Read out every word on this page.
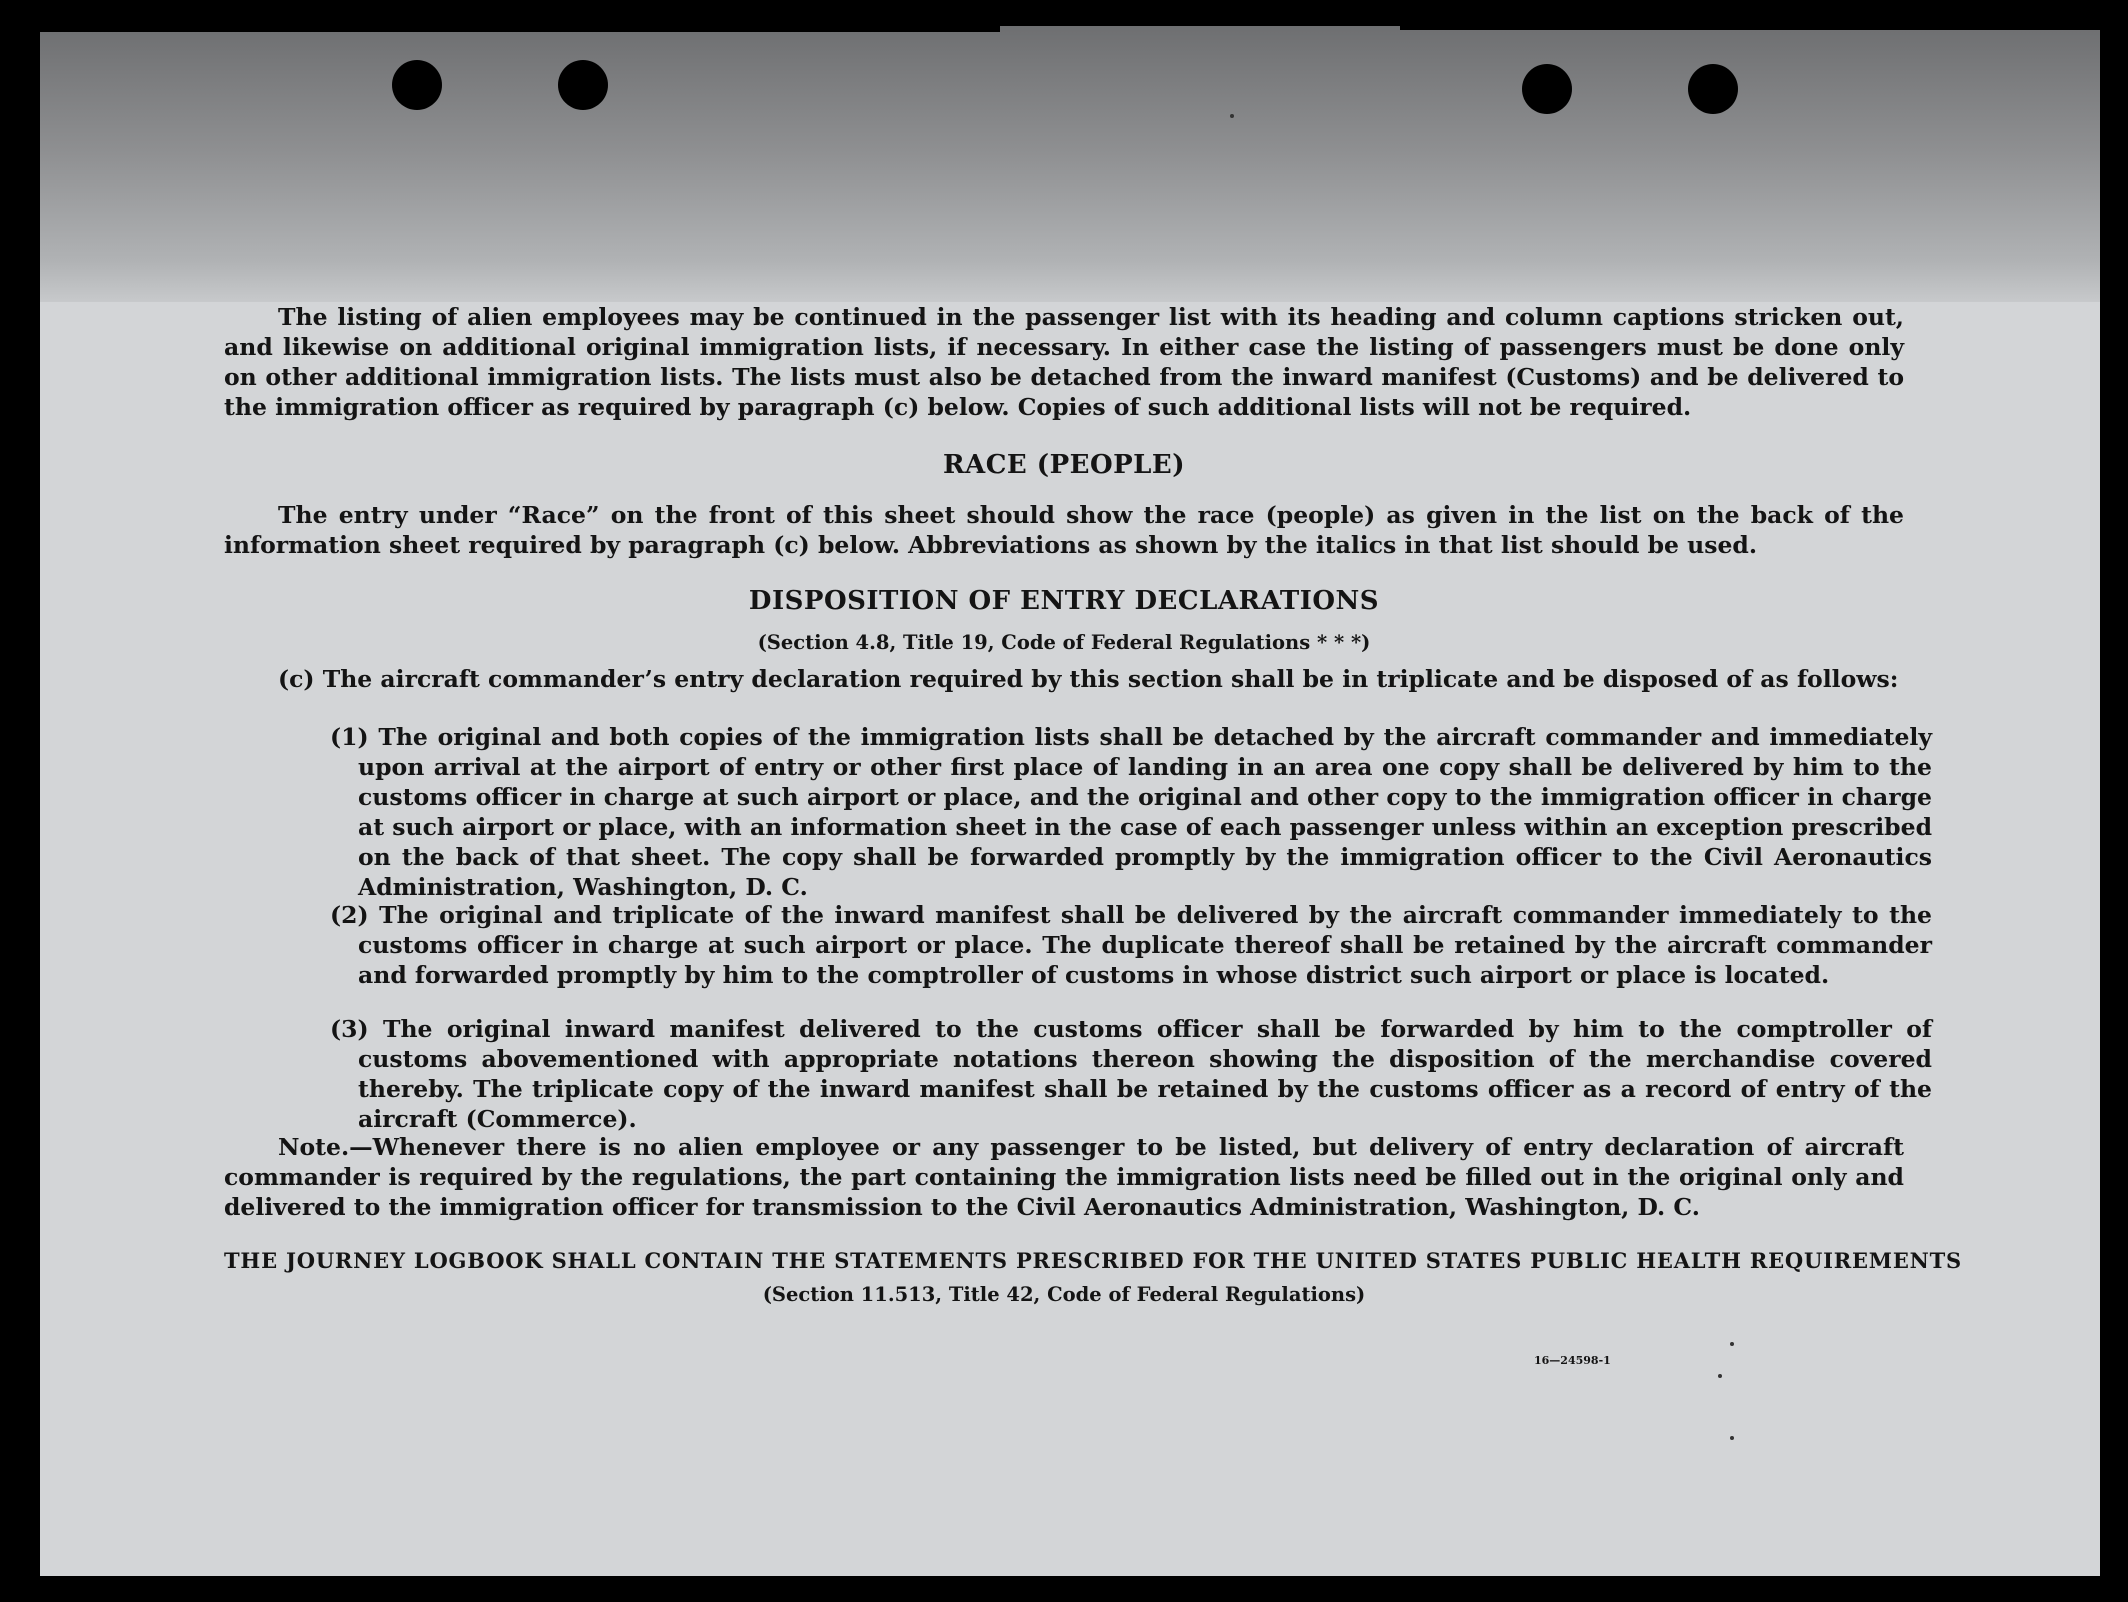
The listing of alien employees may be continued in the passenger list with its heading and column captions stricken out, and likewise on additional original immigration lists, if necessary. In either case the listing of passengers must be done only on other additional immigration lists. The lists must also be detached from the inward manifest (Customs) and be delivered to the immigration officer as required by paragraph (c) below. Copies of such additional lists will not be required.
RACE (PEOPLE)
The entry under “Race” on the front of this sheet should show the race (people) as given in the list on the back of the information sheet required by paragraph (c) below. Abbreviations as shown by the italics in that list should be used.
DISPOSITION OF ENTRY DECLARATIONS
(Section 4.8, Title 19, Code of Federal Regulations * * *)
(c) The aircraft commander’s entry declaration required by this section shall be in triplicate and be disposed of as follows:
(1) The original and both copies of the immigration lists shall be detached by the aircraft commander and immediately upon arrival at the airport of entry or other first place of landing in an area one copy shall be delivered by him to the customs officer in charge at such airport or place, and the original and other copy to the immigration officer in charge at such airport or place, with an information sheet in the case of each passenger unless within an exception prescribed on the back of that sheet. The copy shall be forwarded promptly by the immigration officer to the Civil Aeronautics Administration, Washington, D. C.
(2) The original and triplicate of the inward manifest shall be delivered by the aircraft commander immediately to the customs officer in charge at such airport or place. The duplicate thereof shall be retained by the aircraft commander and forwarded promptly by him to the comptroller of customs in whose district such airport or place is located.
(3) The original inward manifest delivered to the customs officer shall be forwarded by him to the comptroller of customs abovementioned with appropriate notations thereon showing the disposition of the merchandise covered thereby. The triplicate copy of the inward manifest shall be retained by the customs officer as a record of entry of the aircraft (Commerce).
Note.—Whenever there is no alien employee or any passenger to be listed, but delivery of entry declaration of aircraft commander is required by the regulations, the part containing the immigration lists need be filled out in the original only and delivered to the immigration officer for transmission to the Civil Aeronautics Administration, Washington, D. C.
THE JOURNEY LOGBOOK SHALL CONTAIN THE STATEMENTS PRESCRIBED FOR THE UNITED STATES PUBLIC HEALTH REQUIREMENTS
(Section 11.513, Title 42, Code of Federal Regulations)
16—24598-1
